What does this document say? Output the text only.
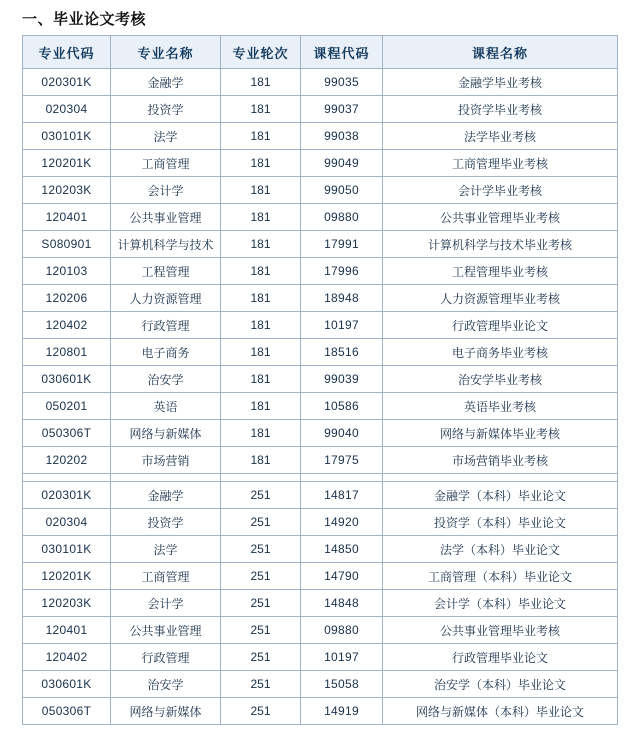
一、毕业论文考核
专业代码	专业名称	专业轮次	课程代码	课程名称
020301K	金融学	181	99035	金融学毕业考核
020304	投资学	181	99037	投资学毕业考核
030101K	法学	181	99038	法学毕业考核
120201K	工商管理	181	99049	工商管理毕业考核
120203K	会计学	181	99050	会计学毕业考核
120401	公共事业管理	181	09880	公共事业管理毕业考核
S080901	计算机科学与技术	181	17991	计算机科学与技术毕业考核
120103	工程管理	181	17996	工程管理毕业考核
120206	人力资源管理	181	18948	人力资源管理毕业考核
120402	行政管理	181	10197	行政管理毕业论文
120801	电子商务	181	18516	电子商务毕业考核
030601K	治安学	181	99039	治安学毕业考核
050201	英语	181	10586	英语毕业考核
050306T	网络与新媒体	181	99040	网络与新媒体毕业考核
120202	市场营销	181	17975	市场营销毕业考核

020301K	金融学	251	14817	金融学（本科）毕业论文
020304	投资学	251	14920	投资学（本科）毕业论文
030101K	法学	251	14850	法学（本科）毕业论文
120201K	工商管理	251	14790	工商管理（本科）毕业论文
120203K	会计学	251	14848	会计学（本科）毕业论文
120401	公共事业管理	251	09880	公共事业管理毕业考核
120402	行政管理	251	10197	行政管理毕业论文
030601K	治安学	251	15058	治安学（本科）毕业论文
050306T	网络与新媒体	251	14919	网络与新媒体（本科）毕业论文
